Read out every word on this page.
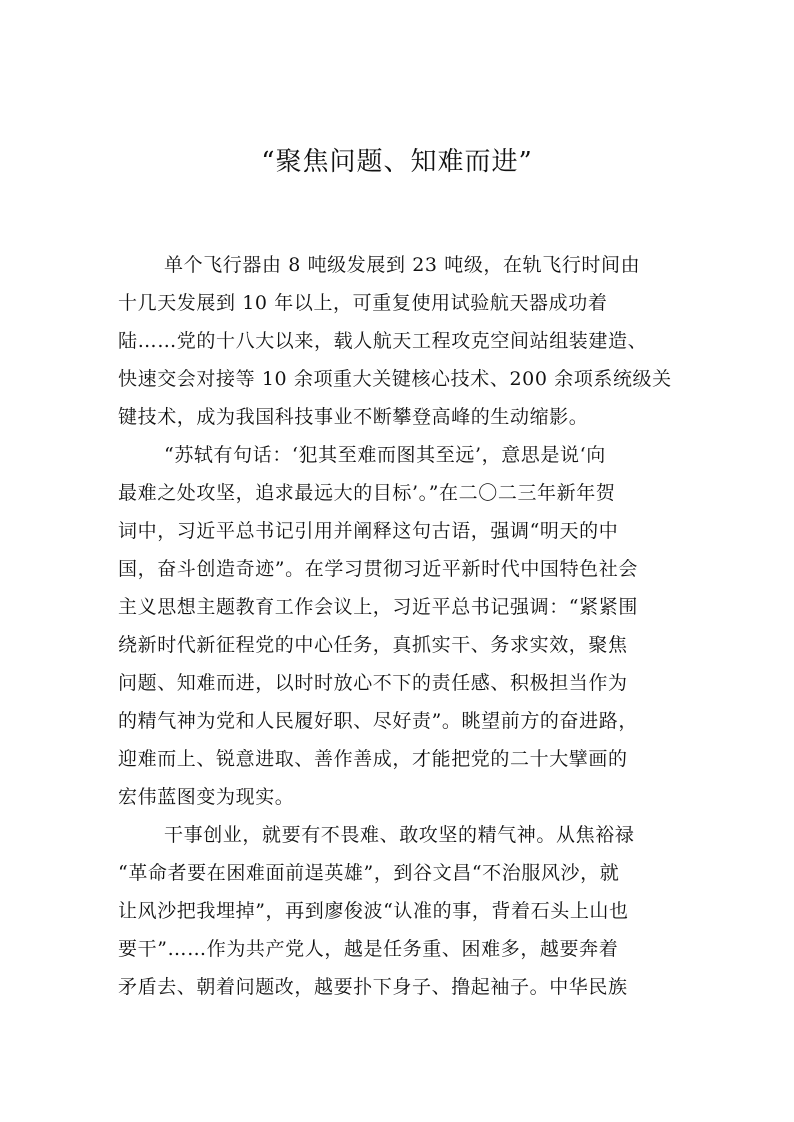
“聚焦问题、知难而进”
单个飞行器由 8 吨级发展到 23 吨级，在轨飞行时间由
十几天发展到 10 年以上，可重复使用试验航天器成功着
陆……党的十八大以来，载人航天工程攻克空间站组装建造、
快速交会对接等 10 余项重大关键核心技术、200 余项系统级关
键技术，成为我国科技事业不断攀登高峰的生动缩影。
“苏轼有句话：‘犯其至难而图其至远’，意思是说‘向
最难之处攻坚，追求最远大的目标’。”在二〇二三年新年贺
词中，习近平总书记引用并阐释这句古语，强调“明天的中
国，奋斗创造奇迹”。在学习贯彻习近平新时代中国特色社会
主义思想主题教育工作会议上，习近平总书记强调：“紧紧围
绕新时代新征程党的中心任务，真抓实干、务求实效，聚焦
问题、知难而进，以时时放心不下的责任感、积极担当作为
的精气神为党和人民履好职、尽好责”。眺望前方的奋进路，
迎难而上、锐意进取、善作善成，才能把党的二十大擘画的
宏伟蓝图变为现实。
干事创业，就要有不畏难、敢攻坚的精气神。从焦裕禄
“革命者要在困难面前逞英雄”，到谷文昌“不治服风沙，就
让风沙把我埋掉”，再到廖俊波“认准的事，背着石头上山也
要干”……作为共产党人，越是任务重、困难多，越要奔着
矛盾去、朝着问题改，越要扑下身子、撸起袖子。中华民族
